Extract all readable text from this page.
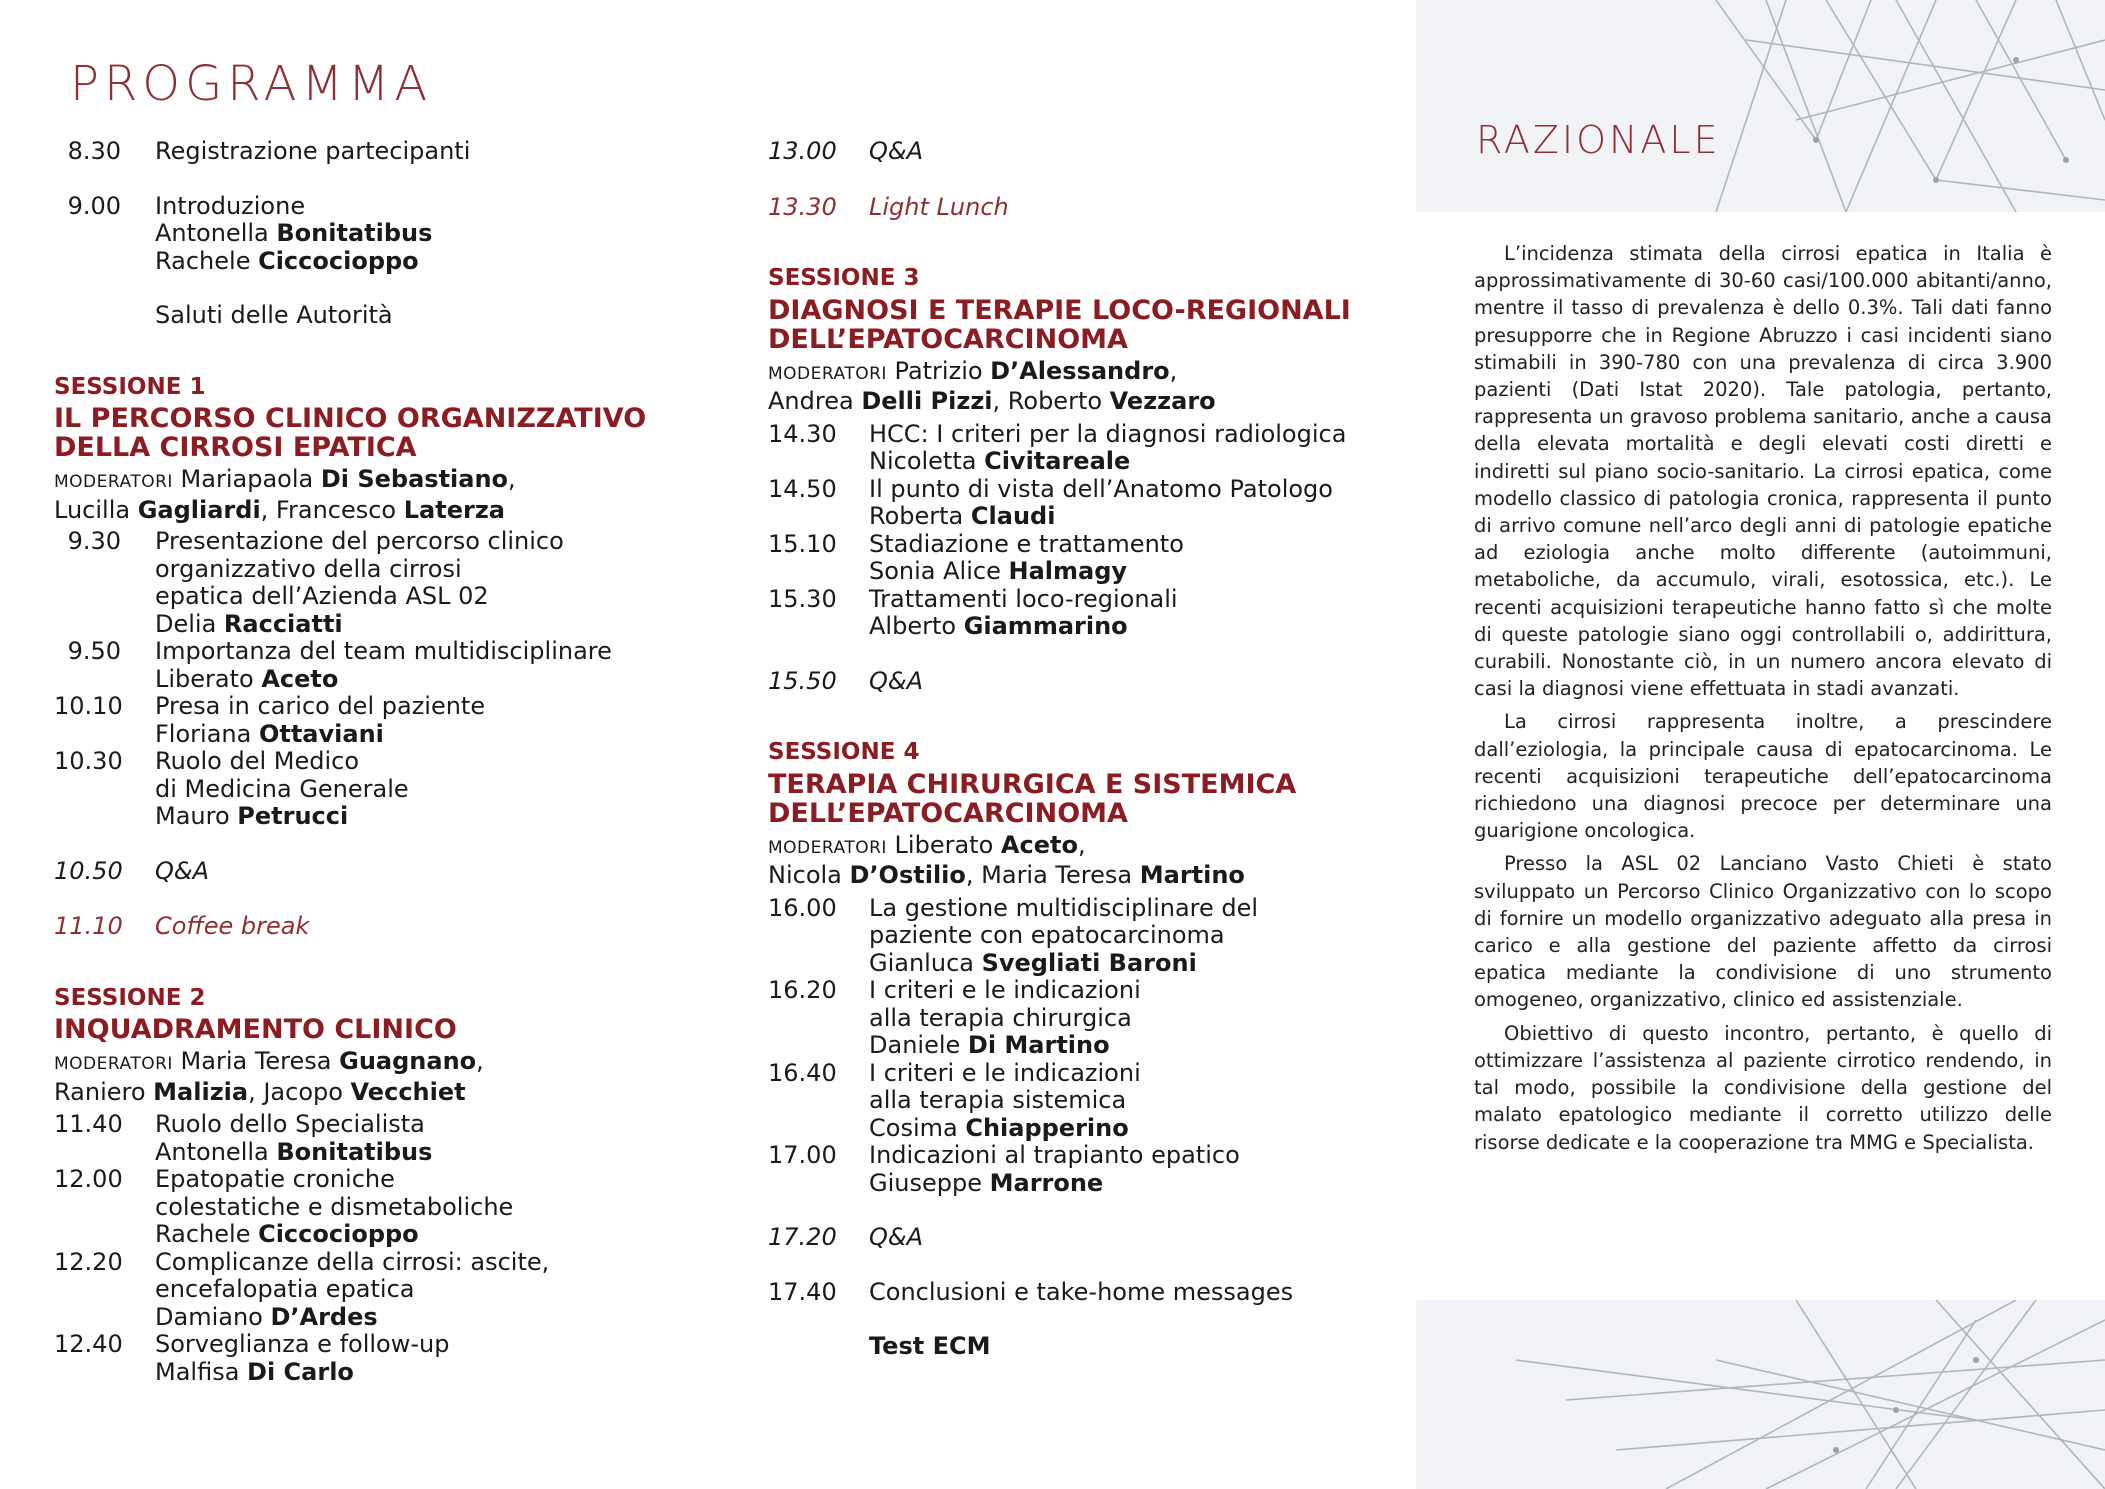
PROGRAMMA
8.30	Registrazione partecipanti
9.00 Introduzione
Antonella Bonitatibus
Rachele Ciccocioppo
Saluti delle Autorità
SESSIONE 1
IL PERCORSO CLINICO ORGANIZZATIVO
DELLA CIRROSI EPATICA
MODERATORI Mariapaola Di Sebastiano,
Lucilla Gagliardi, Francesco Laterza
9.30 Presentazione del percorso clinico
organizzativo della cirrosi
epatica dell’Azienda ASL 02
Delia Racciatti
9.50 Importanza del team multidisciplinare
Liberato Aceto
10.10 Presa in carico del paziente
Floriana Ottaviani
10.30 Ruolo del Medico
di Medicina Generale
Mauro Petrucci
10.50	Q&A
11.10	Coffee break
SESSIONE 2
INQUADRAMENTO CLINICO
MODERATORI Maria Teresa Guagnano,
Raniero Malizia, Jacopo Vecchiet
11.40 Ruolo dello Specialista
Antonella Bonitatibus
12.00 Epatopatie croniche
colestatiche e dismetaboliche
Rachele Ciccocioppo
12.20 Complicanze della cirrosi: ascite,
encefalopatia epatica
Damiano D’Ardes
12.40 Sorveglianza e follow-up
Malfisa Di Carlo
13.00	Q&A
13.30	Light Lunch
SESSIONE 3
DIAGNOSI E TERAPIE LOCO-REGIONALI
DELL’EPATOCARCINOMA
MODERATORI Patrizio D’Alessandro,
Andrea Delli Pizzi, Roberto Vezzaro
14.30 HCC: I criteri per la diagnosi radiologica
Nicoletta Civitareale
14.50 Il punto di vista dell’Anatomo Patologo
Roberta Claudi
15.10 Stadiazione e trattamento
Sonia Alice Halmagy
15.30 Trattamenti loco-regionali
Alberto Giammarino
15.50	Q&A
SESSIONE 4
TERAPIA CHIRURGICA E SISTEMICA
DELL’EPATOCARCINOMA
MODERATORI Liberato Aceto,
Nicola D’Ostilio, Maria Teresa Martino
16.00 La gestione multidisciplinare del
paziente con epatocarcinoma
Gianluca Svegliati Baroni
16.20 I criteri e le indicazioni
alla terapia chirurgica
Daniele Di Martino
16.40 I criteri e le indicazioni
alla terapia sistemica
Cosima Chiapperino
17.00 Indicazioni al trapianto epatico
Giuseppe Marrone
17.20	Q&A
17.40	Conclusioni e take-home messages
Test ECM
RAZIONALE

L’incidenza stimata della cirrosi epatica in Italia è approssimativamente di 30-60 casi/100.000 abitanti/anno, mentre il tasso di prevalenza è dello 0.3%. Tali dati fanno presupporre che in Regione Abruzzo i casi incidenti siano stimabili in 390-780 con una prevalenza di circa 3.900 pazienti (Dati Istat 2020). Tale patologia, pertanto, rappresenta un gravoso problema sanitario, anche a causa della elevata mortalità e degli elevati costi diretti e indiretti sul piano socio-sanitario. La cirrosi epatica, come modello classico di patologia cronica, rappresenta il punto di arrivo comune nell’arco degli anni di patologie epatiche ad eziologia anche molto differente (autoimmuni, metaboliche, da accumulo, virali, esotossica, etc.). Le recenti acquisizioni terapeutiche hanno fatto sì che molte di queste patologie siano oggi controllabili o, addirittura, curabili. Nonostante ciò, in un numero ancora elevato di casi la diagnosi viene effettuata in stadi avanzati.

La cirrosi rappresenta inoltre, a prescindere dall’eziologia, la principale causa di epatocarcinoma. Le recenti acquisizioni terapeutiche dell’epatocarcinoma richiedono una diagnosi precoce per determinare una guarigione oncologica.

Presso la ASL 02 Lanciano Vasto Chieti è stato sviluppato un Percorso Clinico Organizzativo con lo scopo di fornire un modello organizzativo adeguato alla presa in carico e alla gestione del paziente affetto da cirrosi epatica mediante la condivisione di uno strumento omogeneo, organizzativo, clinico ed assistenziale.

Obiettivo di questo incontro, pertanto, è quello di ottimizzare l’assistenza al paziente cirrotico rendendo, in tal modo, possibile la condivisione della gestione del malato epatologico mediante il corretto utilizzo delle risorse dedicate e la cooperazione tra MMG e Specialista.
